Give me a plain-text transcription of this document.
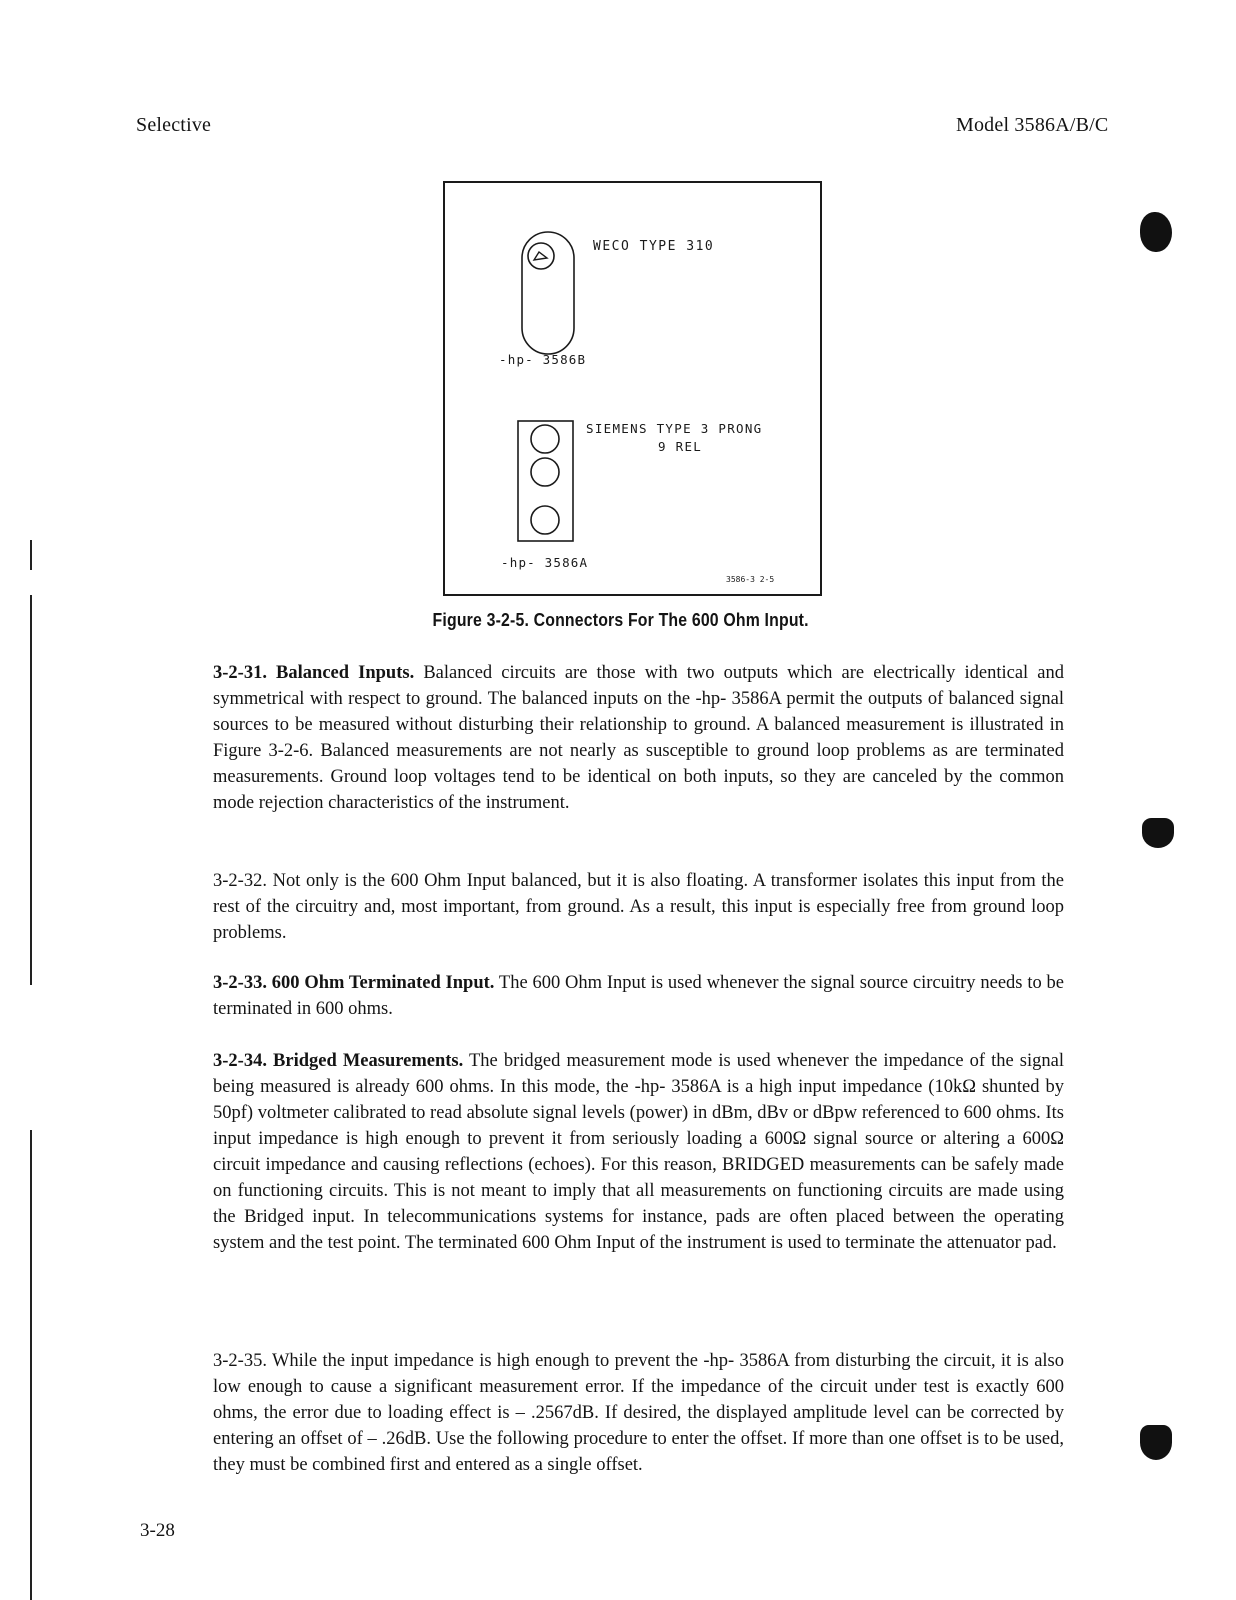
Selective	Model 3586A/B/C
WECO TYPE 310
-hp- 3586B
SIEMENS TYPE 3 PRONG
9 REL
-hp- 3586A
3586-3 2-5
Figure 3-2-5. Connectors For The 600 Ohm Input.

3-2-31. Balanced Inputs. Balanced circuits are those with two outputs which are electrically identical and symmetrical with respect to ground. The balanced inputs on the -hp- 3586A permit the outputs of balanced signal sources to be measured without disturbing their relationship to ground. A balanced measurement is illustrated in Figure 3-2-6. Balanced measurements are not nearly as susceptible to ground loop problems as are terminated measurements. Ground loop voltages tend to be identical on both inputs, so they are canceled by the common mode rejection characteristics of the instrument.

3-2-32. Not only is the 600 Ohm Input balanced, but it is also floating. A transformer isolates this input from the rest of the circuitry and, most important, from ground. As a result, this input is especially free from ground loop problems.

3-2-33. 600 Ohm Terminated Input. The 600 Ohm Input is used whenever the signal source circuitry needs to be terminated in 600 ohms.

3-2-34. Bridged Measurements. The bridged measurement mode is used whenever the impedance of the signal being measured is already 600 ohms. In this mode, the -hp- 3586A is a high input impedance (10kΩ shunted by 50pf) voltmeter calibrated to read absolute signal levels (power) in dBm, dBv or dBpw referenced to 600 ohms. Its input impedance is high enough to prevent it from seriously loading a 600Ω signal source or altering a 600Ω circuit impedance and causing reflections (echoes). For this reason, BRIDGED measurements can be safely made on functioning circuits. This is not meant to imply that all measurements on functioning circuits are made using the Bridged input. In telecommunications systems for instance, pads are often placed between the operating system and the test point. The terminated 600 Ohm Input of the instrument is used to terminate the attenuator pad.

3-2-35. While the input impedance is high enough to prevent the -hp- 3586A from disturbing the circuit, it is also low enough to cause a significant measurement error. If the impedance of the circuit under test is exactly 600 ohms, the error due to loading effect is – .2567dB. If desired, the displayed amplitude level can be corrected by entering an offset of – .26dB. Use the following procedure to enter the offset. If more than one offset is to be used, they must be combined first and entered as a single offset.

3-28
